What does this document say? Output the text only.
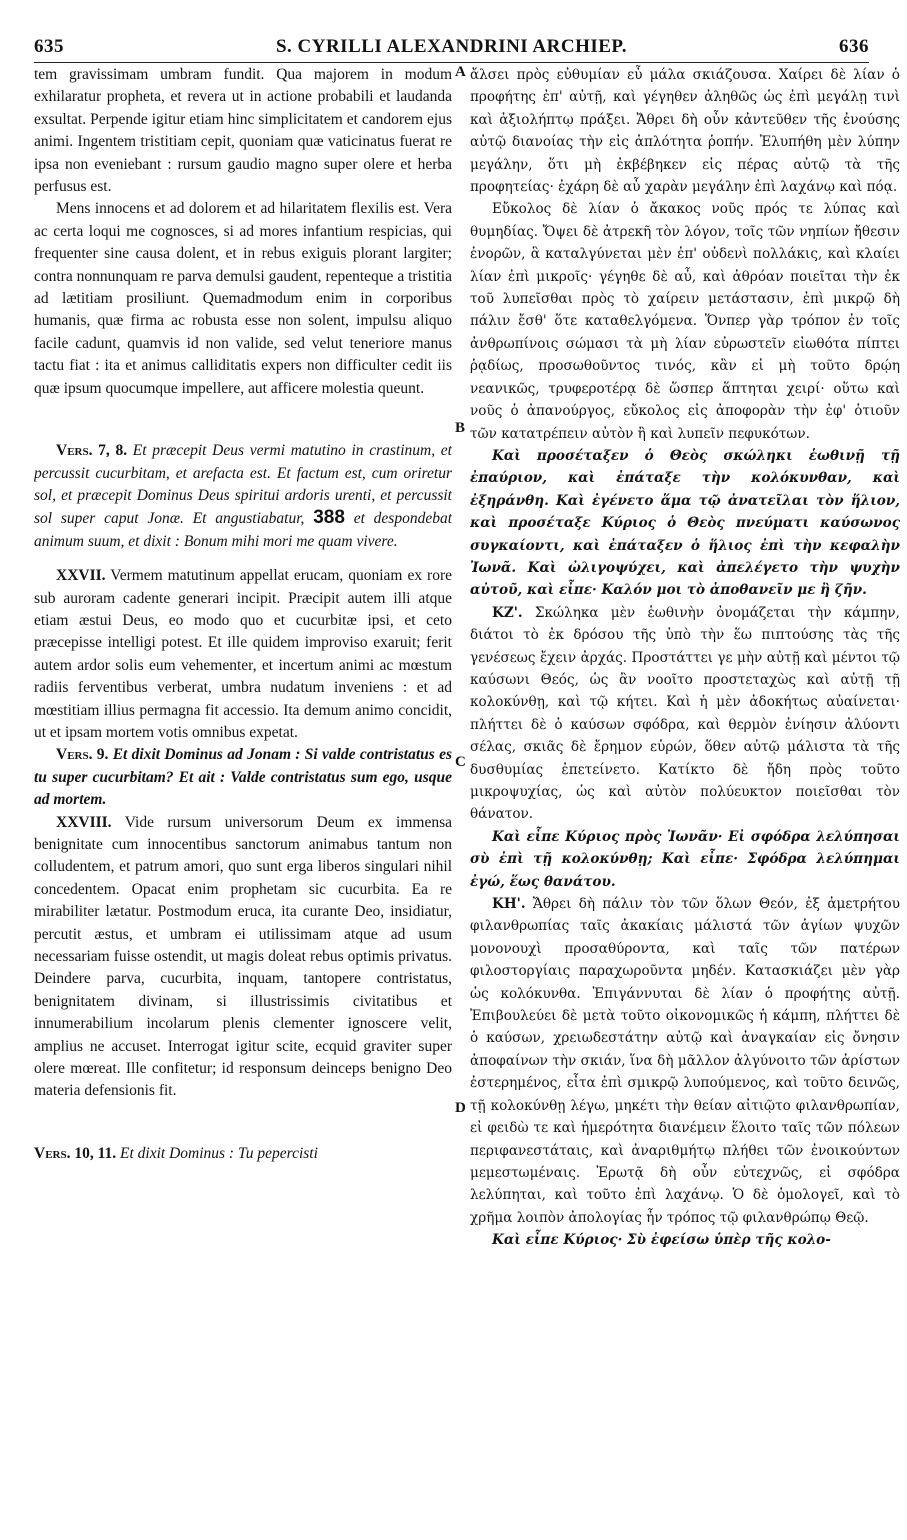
635	S. CYRILLI ALEXANDRINI ARCHIEP.	636
A
B
C
D

tem gravissimam umbram fundit. Qua majorem in modum exhilaratur propheta, et revera ut in actione probabili et laudanda exsultat. Perpende igitur etiam hinc simplicitatem et candorem ejus animi. Ingentem tristitiam cepit, quoniam quæ vaticinatus fuerat re ipsa non eveniebant : rursum gaudio magno super olere et herba perfusus est.

Mens innocens et ad dolorem et ad hilaritatem flexilis est. Vera ac certa loqui me cognosces, si ad mores infantium respicias, qui frequenter sine causa dolent, et in rebus exiguis plorant largiter; contra nonnunquam re parva demulsi gaudent, repenteque a tristitia ad lætitiam prosiliunt. Quemadmodum enim in corporibus humanis, quæ firma ac robusta esse non solent, impulsu aliquo facile cadunt, quamvis id non valide, sed velut teneriore manus tactu fiat : ita et animus calliditatis expers non difficulter cedit iis quæ ipsum quocumque impellere, aut afficere molestia queunt.

Vers. 7, 8. Et præcepit Deus vermi matutino in crastinum, et percussit cucurbitam, et arefacta est. Et factum est, cum oriretur sol, et præcepit Dominus Deus spiritui ardoris urenti, et percussit sol super caput Jonæ. Et angustiabatur, 388 et despondebat animum suum, et dixit : Bonum mihi mori me quam vivere.

XXVII. Vermem matutinum appellat erucam, quoniam ex rore sub auroram cadente generari incipit. Præcipit autem illi atque etiam æstui Deus, eo modo quo et cucurbitæ ipsi, et ceto præcepisse intelligi potest. Et ille quidem improviso exaruit; ferit autem ardor solis eum vehementer, et incertum animi ac mœstum radiis ferventibus verberat, umbra nudatum inveniens : et ad mœstitiam illius permagna fit accessio. Ita demum animo concidit, ut et ipsam mortem votis omnibus expetat.

Vers. 9. Et dixit Dominus ad Jonam : Si valde contristatus es tu super cucurbitam? Et ait : Valde contristatus sum ego, usque ad mortem.

XXVIII. Vide rursum universorum Deum ex immensa benignitate cum innocentibus sanctorum animabus tantum non colludentem, et patrum amori, quo sunt erga liberos singulari nihil concedentem. Opacat enim prophetam sic cucurbita. Ea re mirabiliter lætatur. Postmodum eruca, ita curante Deo, insidiatur, percutit æstus, et umbram ei utilissimam atque ad usum necessariam fuisse ostendit, ut magis doleat rebus optimis privatus. Deindere parva, cucurbita, inquam, tantopere contristatus, benignitatem divinam, si illustrissimis civitatibus et innumerabilium incolarum plenis clementer ignoscere velit, amplius ne accuset. Interrogat igitur scite, ecquid graviter super olere mœreat. Ille confitetur; id responsum deinceps benigno Deo materia defensionis fit.

Vers. 10, 11. Et dixit Dominus : Tu pepercisti

ἄλσει πρὸς εὐθυμίαν εὖ μάλα σκιάζουσα. Χαίρει δὲ λίαν ὁ προφήτης ἐπ' αὐτῇ, καὶ γέγηθεν ἀληθῶς ὡς ἐπὶ μεγάλῃ τινὶ καὶ ἀξιολήπτῳ πράξει. Ἄθρει δὴ οὖν κἀντεῦθεν τῆς ἐνούσης αὐτῷ διανοίας τὴν εἰς ἁπλότητα ῥοπήν. Ἐλυπήθη μὲν λύπην μεγάλην, ὅτι μὴ ἐκβέβηκεν εἰς πέρας αὐτῷ τὰ τῆς προφητείας· ἐχάρη δὲ αὖ χαρὰν μεγάλην ἐπὶ λαχάνῳ καὶ πόᾳ.

Εὔκολος δὲ λίαν ὁ ἄκακος νοῦς πρός τε λύπας καὶ θυμηδίας. Ὄψει δὲ ἀτρεκῆ τὸν λόγον, τοῖς τῶν νηπίων ἤθεσιν ἐνορῶν, ἃ καταλγύνεται μὲν ἐπ' οὐδενὶ πολλάκις, καὶ κλαίει λίαν ἐπὶ μικροῖς· γέγηθε δὲ αὖ, καὶ ἀθρόαν ποιεῖται τὴν ἐκ τοῦ λυπεῖσθαι πρὸς τὸ χαίρειν μετάστασιν, ἐπὶ μικρῷ δὴ πάλιν ἔσθ' ὅτε καταθελγόμενα. Ὅνπερ γὰρ τρόπον ἐν τοῖς ἀνθρωπίνοις σώμασι τὰ μὴ λίαν εὐρωστεῖν εἰωθότα πίπτει ῥᾳδίως, προσωθοῦντος τινός, κἂν εἰ μὴ τοῦτο δρῴη νεανικῶς, τρυφεροτέρᾳ δὲ ὥσπερ ἅπτηται χειρί· οὕτω καὶ νοῦς ὁ ἀπανούργος, εὔκολος εἰς ἀποφορὰν τὴν ἐφ' ὁτιοῦν τῶν κατατρέπειν αὐτὸν ἢ καὶ λυπεῖν πεφυκότων.

Καὶ προσέταξεν ὁ Θεὸς σκώληκι ἑωθινῇ τῇ ἐπαύριον, καὶ ἐπάταξε τὴν κολόκυνθαν, καὶ ἐξηράνθη. Καὶ ἐγένετο ἅμα τῷ ἀνατεῖλαι τὸν ἥλιον, καὶ προσέταξε Κύριος ὁ Θεὸς πνεύματι καύσωνος συγκαίοντι, καὶ ἐπάταξεν ὁ ἥλιος ἐπὶ τὴν κεφαλὴν Ἰωνᾶ. Καὶ ὠλιγοψύχει, καὶ ἀπελέγετο τὴν ψυχὴν αὐτοῦ, καὶ εἶπε· Καλόν μοι τὸ ἀποθανεῖν με ἢ ζῆν.

ΚΖ'. Σκώληκα μὲν ἑωθινὴν ὀνομάζεται τὴν κάμπην, διάτοι τὸ ἐκ δρόσου τῆς ὑπὸ τὴν ἕω πιπτούσης τὰς τῆς γενέσεως ἔχειν ἀρχάς. Προστάττει γε μὴν αὐτῇ καὶ μέντοι τῷ καύσωνι Θεός, ὡς ἂν νοοῖτο προστεταχὼς καὶ αὐτῇ τῇ κολοκύνθῃ, καὶ τῷ κήτει. Καὶ ἡ μὲν ἀδοκήτως αὐαίνεται· πλήττει δὲ ὁ καύσων σφόδρα, καὶ θερμὸν ἐνίησιν ἀλύοντι σέλας, σκιᾶς δὲ ἔρημον εὑρών, ὅθεν αὐτῷ μάλιστα τὰ τῆς δυσθυμίας ἐπετείνετο. Κατίκτο δὲ ἤδη πρὸς τοῦτο μικροψυχίας, ὡς καὶ αὐτὸν πολύευκτον ποιεῖσθαι τὸν θάνατον.

Καὶ εἶπε Κύριος πρὸς Ἰωνᾶν· Εἰ σφόδρα λελύπησαι σὺ ἐπὶ τῇ κολοκύνθῃ; Καὶ εἶπε· Σφόδρα λελύπημαι ἐγώ, ἕως θανάτου.

ΚΗ'. Ἄθρει δὴ πάλιν τὸν τῶν ὅλων Θεόν, ἐξ ἀμετρήτου φιλανθρωπίας ταῖς ἀκακίαις μάλιστά τῶν ἁγίων ψυχῶν μονονουχὶ προσαθύροντα, καὶ ταῖς τῶν πατέρων φιλοστοργίαις παραχωροῦντα μηδέν. Κατασκιάζει μὲν γὰρ ὡς κολόκυνθα. Ἐπιγάννυται δὲ λίαν ὁ προφήτης αὐτῇ. Ἐπιβουλεύει δὲ μετὰ τοῦτο οἰκονομικῶς ἡ κάμπη, πλήττει δὲ ὁ καύσων, χρειωδεστάτην αὐτῷ καὶ ἀναγκαίαν εἰς ὄνησιν ἀποφαίνων τὴν σκιάν, ἵνα δὴ μᾶλλον ἀλγύνοιτο τῶν ἀρίστων ἐστερημένος, εἶτα ἐπὶ σμικρῷ λυπούμενος, καὶ τοῦτο δεινῶς, τῇ κολοκύνθῃ λέγω, μηκέτι τὴν θείαν αἰτιῷτο φιλανθρωπίαν, εἰ φειδὼ τε καὶ ἡμερότητα διανέμειν ἕλοιτο ταῖς τῶν πόλεων περιφανεστάταις, καὶ ἀναριθμήτῳ πλήθει τῶν ἐνοικούντων μεμεστωμέναις. Ἐρωτᾷ δὴ οὖν εὐτεχνῶς, εἰ σφόδρα λελύπηται, καὶ τοῦτο ἐπὶ λαχάνῳ. Ὁ δὲ ὁμολογεῖ, καὶ τὸ χρῆμα λοιπὸν ἀπολογίας ἦν τρόπος τῷ φιλανθρώπῳ Θεῷ.

Καὶ εἶπε Κύριος· Σὺ ἐφείσω ὑπὲρ τῆς κολο-
